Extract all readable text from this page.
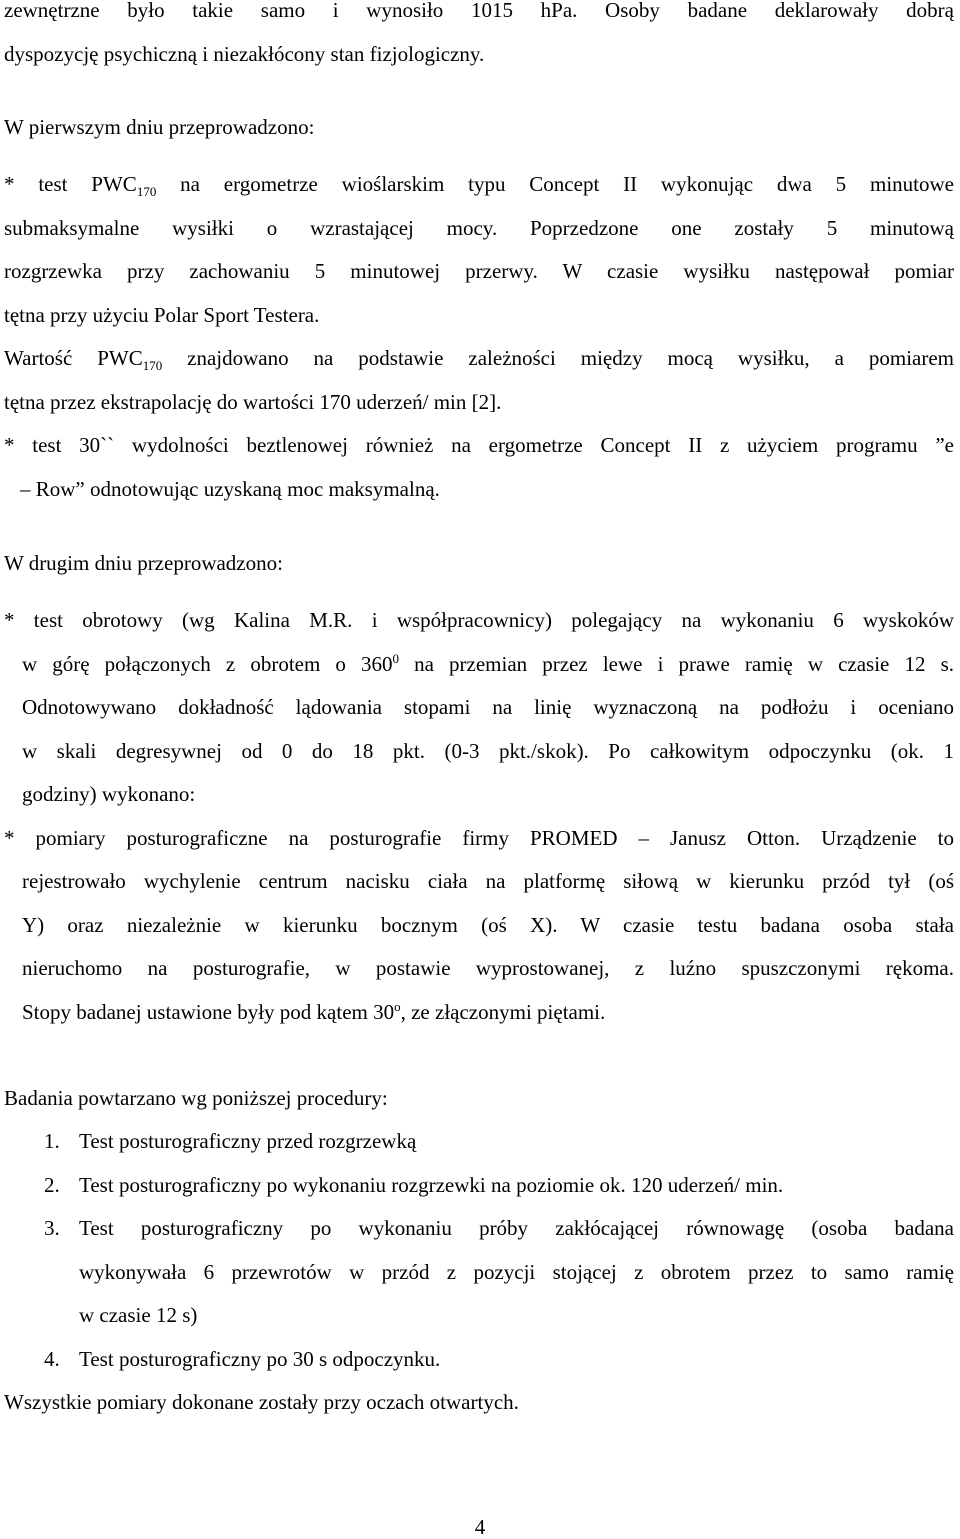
zewnętrzne było takie samo i wynosiło 1015 hPa. Osoby badane deklarowały dobrą
dyspozycję psychiczną i niezakłócony stan fizjologiczny.
W pierwszym dniu przeprowadzono:
* test $PWC_{170}$ na ergometrze wioślarskim typu Concept II wykonując dwa 5 minutowe
submaksymalne wysiłki o wzrastającej mocy. Poprzedzone one zostały 5 minutową
rozgrzewka przy zachowaniu 5 minutowej przerwy. W czasie wysiłku następował pomiar
tętna przy użyciu Polar Sport Testera.
Wartość $PWC_{170}$ znajdowano na podstawie zależności między mocą wysiłku, a pomiarem
tętna przez ekstrapolację do wartości 170 uderzeń/ min [2].
* test 30`` wydolności beztlenowej również na ergometrze Concept II z użyciem programu ”e
– Row” odnotowując uzyskaną moc maksymalną.
W drugim dniu przeprowadzono:
* test obrotowy (wg Kalina M.R. i współpracownicy) polegający na wykonaniu 6 wyskoków
w górę połączonych z obrotem o $360^0$ na przemian przez lewe i prawe ramię w czasie 12 s.
Odnotowywano dokładność lądowania stopami na linię wyznaczoną na podłożu i oceniano
w skali degresywnej od 0 do 18 pkt. (0-3 pkt./skok). Po całkowitym odpoczynku (ok. 1
godziny) wykonano:
* pomiary posturograficzne na posturografie firmy PROMED – Janusz Otton. Urządzenie to
rejestrowało wychylenie centrum nacisku ciała na platformę siłową w kierunku przód tył (oś
Y) oraz niezależnie w kierunku bocznym (oś X). W czasie testu badana osoba stała
nieruchomo na posturografie, w postawie wyprostowanej, z luźno spuszczonymi rękoma.
Stopy badanej ustawione były pod kątem 30$^o$, ze złączonymi piętami.
Badania powtarzano wg poniższej procedury:
1. Test posturograficzny przed rozgrzewką
2. Test posturograficzny po wykonaniu rozgrzewki na poziomie ok. 120 uderzeń/ min.
3. Test posturograficzny po wykonaniu próby zakłócającej równowagę (osoba badana
wykonywała 6 przewrotów w przód z pozycji stojącej z obrotem przez to samo ramię
w czasie 12 s)
4. Test posturograficzny po 30 s odpoczynku.
Wszystkie pomiary dokonane zostały przy oczach otwartych.
4
